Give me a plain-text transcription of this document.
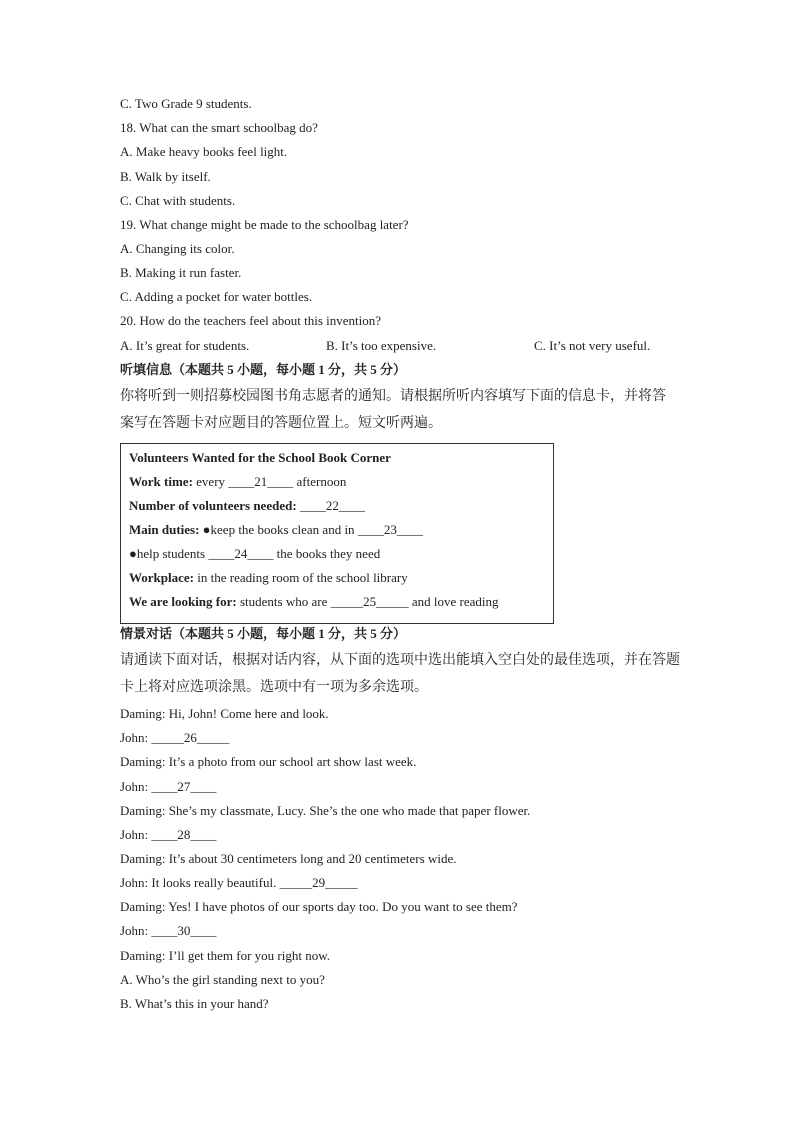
C. Two Grade 9 students.
18. What can the smart schoolbag do?
A. Make heavy books feel light.
B. Walk by itself.
C. Chat with students.
19. What change might be made to the schoolbag later?
A. Changing its color.
B. Making it run faster.
C. Adding a pocket for water bottles.
20. How do the teachers feel about this invention?
A. It’s great for students.	B. It’s too expensive.	C. It’s not very useful.
听填信息（本题共 5 小题，每小题 1 分，共 5 分）
你将听到一则招募校园图书角志愿者的通知。请根据所听内容填写下面的信息卡，并将答
案写在答题卡对应题目的答题位置上。短文听两遍。
Volunteers Wanted for the School Book Corner
Work time: every ____21____ afternoon
Number of volunteers needed: ____22____
Main duties: ●keep the books clean and in ____23____
●help students ____24____ the books they need
Workplace: in the reading room of the school library
We are looking for: students who are _____25_____ and love reading
情景对话（本题共 5 小题，每小题 1 分，共 5 分）
请通读下面对话，根据对话内容，从下面的选项中选出能填入空白处的最佳选项，并在答题
卡上将对应选项涂黑。选项中有一项为多余选项。
Daming: Hi, John! Come here and look.
John: _____26_____
Daming: It’s a photo from our school art show last week.
John: ____27____
Daming: She’s my classmate, Lucy. She’s the one who made that paper flower.
John: ____28____
Daming: It’s about 30 centimeters long and 20 centimeters wide.
John: It looks really beautiful. _____29_____
Daming: Yes! I have photos of our sports day too. Do you want to see them?
John: ____30____
Daming: I’ll get them for you right now.
A. Who’s the girl standing next to you?
B. What’s this in your hand?
